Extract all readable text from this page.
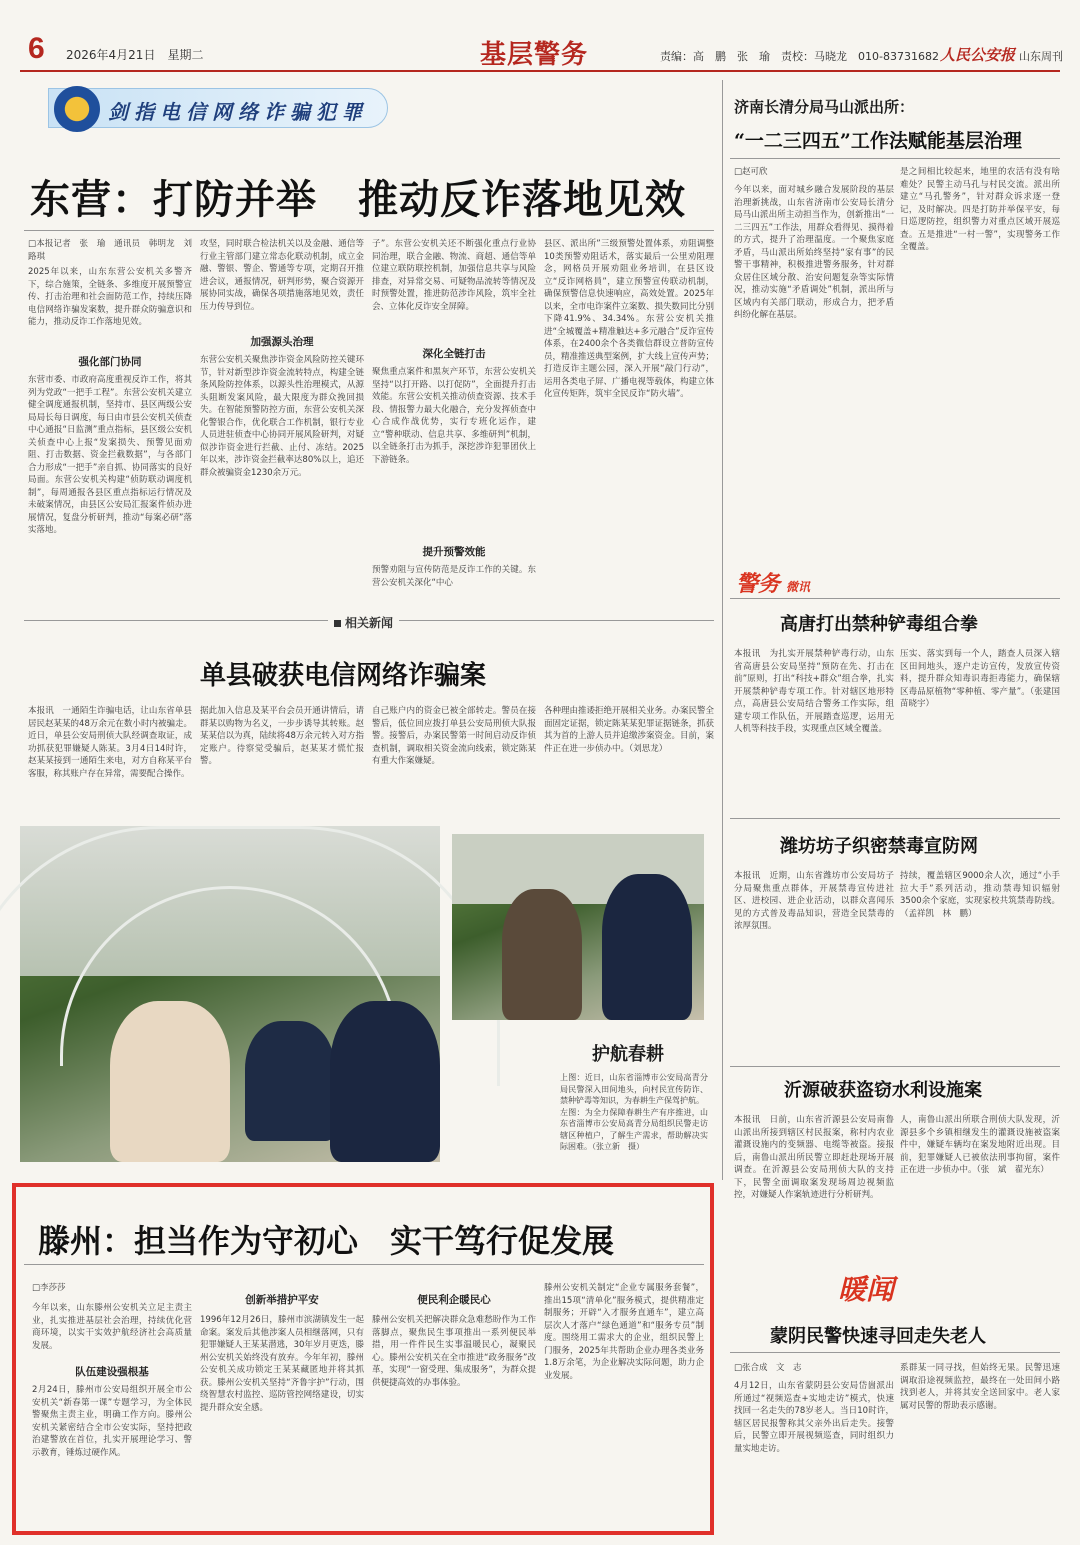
6 2026年4月21日　星期二	基层警务	责编：高　鹏　张　瑜　责校：马晓龙　010-83731682 人民公安报 山东周刊
剑指电信网络诈骗犯罪
东营：打防并举　推动反诈落地见效
□本报记者　张　瑜　通讯员　韩明龙　刘路琪
2025年以来，山东东营公安机关多警齐下，综合施策，全链条、多维度开展预警宣传、打击治理和社会面防范工作，持续压降电信网络诈骗发案数，提升群众防骗意识和能力，推动反诈工作落地见效。
强化部门协同
东营市委、市政府高度重视反诈工作，将其列为党政“一把手工程”。东营公安机关建立健全调度通报机制，坚持市、县区两级公安局局长每日调度，每日由市县公安机关侦查中心通报“日监测”重点指标，县区级公安机关侦查中心上报“发案损失、预警见面劝阻、打击数据、资金拦截数据”，与各部门合力形成“一把手”亲自抓、协同落实的良好局面。东营公安机关构建“侦防联动调度机制”，每周通报各县区重点指标运行情况及未破案情况，由县区公安局汇报案件侦办进展情况，复盘分析研判，推动“每案必研”落实落地。
攻坚，同时联合检法机关以及金融、通信等行业主管部门建立常态化联动机制，成立金融、警银、警企、警通等专项，定期召开推进会议，通报情况，研判形势，聚合资源开展协同实战，确保各项措施落地见效，责任压力传导到位。
加强源头治理
东营公安机关聚焦涉诈资金风险防控关键环节，针对新型涉诈资金流转特点，构建全链条风险防控体系，以源头性治理模式，从源头阻断发案风险，最大限度为群众挽回损失。在智能预警防控方面，东营公安机关深化警银合作，优化联合工作机制，银行专业人员进驻侦查中心协同开展风险研判，对疑似涉诈资金进行拦截、止付、冻结。2025年以来，涉诈资金拦截率达80%以上，追还群众被骗资金1230余万元。
子”。东营公安机关还不断强化重点行业协同治理，联合金融、物流、商超、通信等单位建立联防联控机制，加强信息共享与风险排查，对异常交易、可疑物品流转等情况及时预警处置，推进防范涉诈风险，筑牢全社会、立体化反诈安全屏障。
深化全链打击
聚焦重点案件和黑灰产环节，东营公安机关坚持“以打开路、以打促防”，全面提升打击效能。东营公安机关推动侦查资源、技术手段、情报警力最大化融合，充分发挥侦查中心合成作战优势，实行专班化运作，建立“警种联动、信息共享、多维研判”机制，以全链条打击为抓手，深挖涉诈犯罪团伙上下游链条。
提升预警效能
预警劝阻与宣传防范是反诈工作的关键。东营公安机关深化“中心
县区、派出所”三级预警处置体系，劝阻调整10类预警劝阻话术，落实最后一公里劝阻理念，网格员开展劝阻业务培训，在县区设立“反诈网格員”，建立预警宣传联动机制，确保预警信息快速响应，高效处置。2025年以来，全市电诈案件立案数、损失数同比分别下降41.9%、34.34%。东营公安机关推进“全城覆盖+精准触达+多元融合”反诈宣传体系，在2400余个各类微信群设立普防宣传员，精准推送典型案例，扩大线上宣传声势；打造反诈主题公园，深入开展“敲门行动”，运用各类电子屏、广播电视等载体，构建立体化宣传矩阵，筑牢全民反诈“防火墙”。
相关新闻
单县破获电信网络诈骗案
本报讯　一通陌生诈骗电话，让山东省单县居民赵某某的48万余元在数小时内被骗走。近日，单县公安局刑侦大队经调查取证，成功抓获犯罪嫌疑人陈某。3月4日14时许，赵某某接到一通陌生来电，对方自称某平台客服，称其账户存在异常，需要配合操作。
据此加入信息及某平台会员开通讲情后，请群某以购物为名义，一步步诱导其转账。赵某某信以为真，陆续将48万余元转入对方指定账户。待察觉受骗后，赵某某才慌忙报警。
自己账户内的资金已被全部转走。警员在接警后，低位回应拨打单县公安局刑侦大队报警。接警后，办案民警第一时间启动反诈侦查机制，调取相关资金流向线索，锁定陈某有重大作案嫌疑。
各种理由推诿拒绝开展相关业务。办案民警全面固定证据，锁定陈某某犯罪证据链条，抓获其为首的上游人员并追缴涉案资金。目前，案件正在进一步侦办中。（刘思龙）
护航春耕
上图：近日，山东省淄博市公安局高青分局民警深入田间地头，向村民宣传防诈、禁种铲毒等知识，为春耕生产保驾护航。
左图：为全力保障春耕生产有序推进，山东省淄博市公安局高青分局组织民警走访辖区种植户，了解生产需求，帮助解决实际困难。（张立新　摄）
滕州：担当作为守初心　实干笃行促发展
□李莎莎
今年以来，山东滕州公安机关立足主责主业，扎实推进基层社会治理，持续优化营商环境，以实干实效护航经济社会高质量发展。
队伍建设强根基
2月24日，滕州市公安局组织开展全市公安机关“新春第一课”专题学习，为全体民警聚焦主责主业，明确工作方向。滕州公安机关紧密结合全市公安实际，坚持把政治建警放在首位，扎实开展理论学习、警示教育，锤炼过硬作风。
创新举措护平安
1996年12月26日，滕州市滨湖镇发生一起命案。案发后其他涉案人员相继落网，只有犯罪嫌疑人王某某潜逃，30年岁月更迭，滕州公安机关始终没有放弃。今年年初，滕州公安机关成功锁定王某某藏匿地并将其抓获。滕州公安机关坚持“齐鲁宇护”行动，围绕智慧农村监控、巡防管控网络建设，切实提升群众安全感。
便民利企暖民心
滕州公安机关把解决群众急难愁盼作为工作落脚点，聚焦民生事项推出一系列便民举措，用一件件民生实事温暖民心，凝聚民心。滕州公安机关在全市推进“政务服务”改革，实现“一窗受理、集成服务”，为群众提供便捷高效的办事体验。
滕州公安机关制定“企业专属服务套餐”，推出15项“清单化”服务模式，提供精准定制服务；开辟“入才服务直通车”，建立高层次人才落户“绿色通道”和“服务专员”制度。围绕用工需求大的企业，组织民警上门服务，2025年共帮助企业办理各类业务1.8万余笔，为企业解决实际问题，助力企业发展。
济南长清分局马山派出所：
“一二三四五”工作法赋能基层治理
□赵可欣
今年以来，面对城乡融合发展阶段的基层治理新挑战，山东省济南市公安局长清分局马山派出所主动担当作为，创新推出“一二三四五”工作法，用群众看得见、摸得着的方式，提升了治理温度。一个聚焦家庭矛盾，马山派出所始终坚持“家有事”的民警干事精神，积极推进警务服务，针对群众居住区域分散、治安问题复杂等实际情况，推动实施“矛盾调处”机制，派出所与区域内有关部门联动，形成合力，把矛盾纠纷化解在基层。
是之间相比较起来，地里的农活有没有啥难处？民警主动马孔与村民交流。派出所建立“马孔警务”，针对群众诉求逐一登记，及时解决。四是打防并举保平安，每日巡逻防控，组织警力对重点区域开展巡查。五是推进“一村一警”，实现警务工作全覆盖。
警务 微讯
高唐打出禁种铲毒组合拳
本报讯　为扎实开展禁种铲毒行动，山东省高唐县公安局坚持“预防在先、打击在前”原则，打出“科技+群众”组合拳，扎实开展禁种铲毒专项工作。针对辖区地形特点，高唐县公安局结合警务工作实际，组建专项工作队伍，开展踏查巡逻，运用无人机等科技手段，实现重点区域全覆盖。
压实、落实到每一个人，踏查人员深入辖区田间地头，逐户走访宣传，发放宣传资料，提升群众知毒识毒拒毒能力，确保辖区毒品原植物“零种植、零产量”。（张建国　苗晓宇）
潍坊坊子织密禁毒宣防网
本报讯　近期，山东省潍坊市公安局坊子分局聚焦重点群体，开展禁毒宣传进社区、进校园、进企业活动，以群众喜闻乐见的方式普及毒品知识，营造全民禁毒的浓厚氛围。
持续，覆盖辖区9000余人次，通过“小手拉大手”系列活动，推动禁毒知识辐射3500余个家庭，实现家校共筑禁毒防线。（孟祥凯　林　鹏）
沂源破获盗窃水利设施案
本报讯　日前，山东省沂源县公安局南鲁山派出所接到辖区村民报案，称村内农业灌溉设施内的变频器、电缆等被盗。接报后，南鲁山派出所民警立即赶赴现场开展调查。在沂源县公安局刑侦大队的支持下，民警全面调取案发现场周边视频监控，对嫌疑人作案轨迹进行分析研判。
人，南鲁山派出所联合刑侦大队发现，沂源县多个乡镇相继发生的灌溉设施被盗案件中，嫌疑车辆均在案发地附近出现。目前，犯罪嫌疑人已被依法刑事拘留，案件正在进一步侦办中。（张　斌　翟光东）
暖闻
蒙阴民警快速寻回走失老人
□张合成　文　志
4月12日，山东省蒙阴县公安局岱崮派出所通过“视频巡查+实地走访”模式，快速找回一名走失的78岁老人。当日10时许，辖区居民报警称其父亲外出后走失。接警后，民警立即开展视频巡查，同时组织力量实地走访。
系群某一同寻找，但始终无果。民警迅速调取沿途视频监控，最终在一处田间小路找到老人，并将其安全送回家中。老人家属对民警的帮助表示感谢。
